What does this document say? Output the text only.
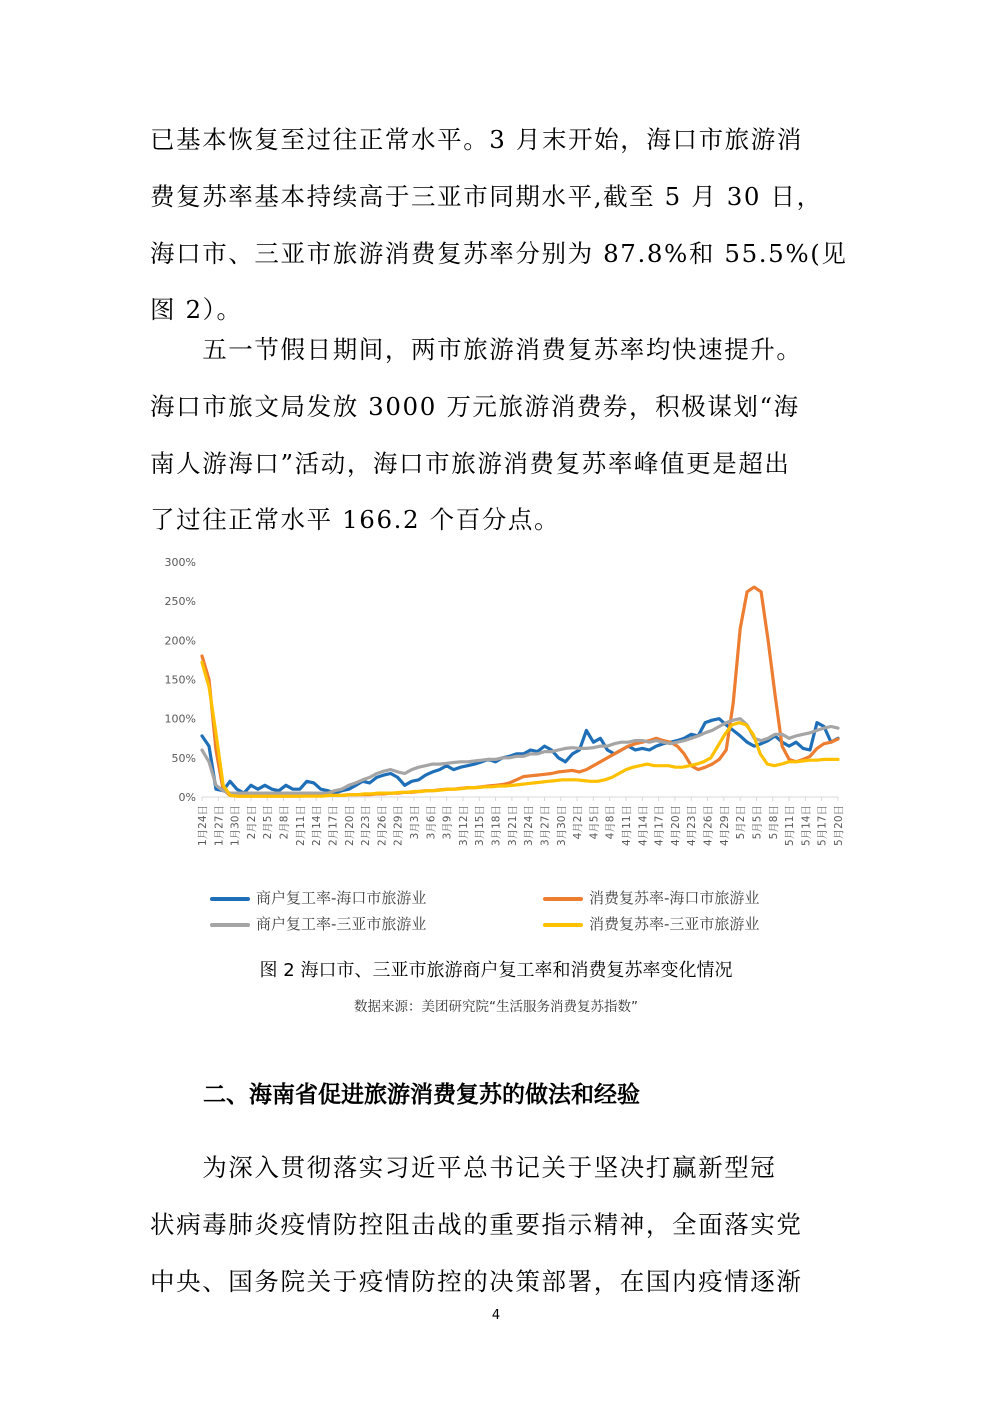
已基本恢复至过往正常水平。3 月末开始，海口市旅游消
费复苏率基本持续高于三亚市同期水平,截至 5 月 30 日，
海口市、三亚市旅游消费复苏率分别为 87.8%和 55.5%(见
图 2）。
　　五一节假日期间，两市旅游消费复苏率均快速提升。
海口市旅文局发放 3000 万元旅游消费券，积极谋划“海
南人游海口”活动，海口市旅游消费复苏率峰值更是超出
了过往正常水平 166.2 个百分点。
0%
50%
100%
150%
200%
250%
300%
1月24日 1月27日 1月30日 2月2日 2月5日 2月8日 2月11日 2月14日 2月17日 2月20日 2月23日 2月26日 2月29日 3月3日 3月6日 3月9日 3月12日 3月15日 3月18日 3月21日 3月24日 3月27日 3月30日 4月2日 4月5日 4月8日 4月11日 4月14日 4月17日 4月20日 4月23日 4月26日 4月29日 5月2日 5月5日 5月8日 5月11日 5月14日 5月17日 5月20日
商户复工率-海口市旅游业	消费复苏率-海口市旅游业
商户复工率-三亚市旅游业	消费复苏率-三亚市旅游业
图 2 海口市、三亚市旅游商户复工率和消费复苏率变化情况
数据来源：美团研究院“生活服务消费复苏指数”
二、海南省促进旅游消费复苏的做法和经验
　　为深入贯彻落实习近平总书记关于坚决打赢新型冠
状病毒肺炎疫情防控阻击战的重要指示精神，全面落实党
中央、国务院关于疫情防控的决策部署，在国内疫情逐渐
4
